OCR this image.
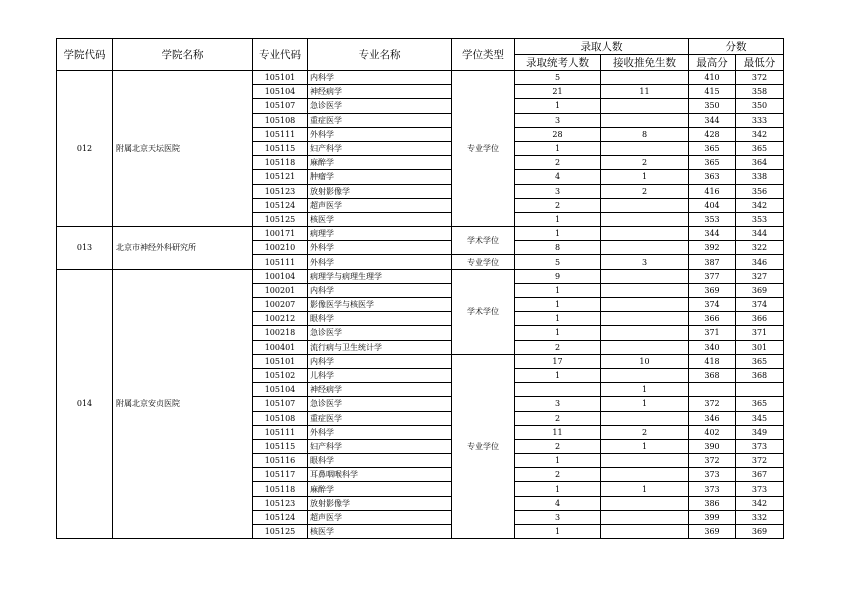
学院代码	学院名称	专业代码	专业名称	学位类型	录取人数		分数	
					录取统考人数	接收推免生数	最高分	最低分
012	附属北京天坛医院	105101	内科学	专业学位	5		410	372
		105104	神经病学		21	11	415	358
		105107	急诊医学		1		350	350
		105108	重症医学		3		344	333
		105111	外科学		28	8	428	342
		105115	妇产科学		1		365	365
		105118	麻醉学		2	2	365	364
		105121	肿瘤学		4	1	363	338
		105123	放射影像学		3	2	416	356
		105124	超声医学		2		404	342
		105125	核医学		1		353	353
013	北京市神经外科研究所	100171	病理学	学术学位	1		344	344
		100210	外科学		8		392	322
		105111	外科学	专业学位	5	3	387	346
014	附属北京安贞医院	100104	病理学与病理生理学	学术学位	9		377	327
		100201	内科学		1		369	369
		100207	影像医学与核医学		1		374	374
		100212	眼科学		1		366	366
		100218	急诊医学		1		371	371
		100401	流行病与卫生统计学		2		340	301
		105101	内科学	专业学位	17	10	418	365
		105102	儿科学		1		368	368
		105104	神经病学			1		
		105107	急诊医学		3	1	372	365
		105108	重症医学		2		346	345
		105111	外科学		11	2	402	349
		105115	妇产科学		2	1	390	373
		105116	眼科学		1		372	372
		105117	耳鼻咽喉科学		2		373	367
		105118	麻醉学		1	1	373	373
		105123	放射影像学		4		386	342
		105124	超声医学		3		399	332
		105125	核医学		1		369	369
